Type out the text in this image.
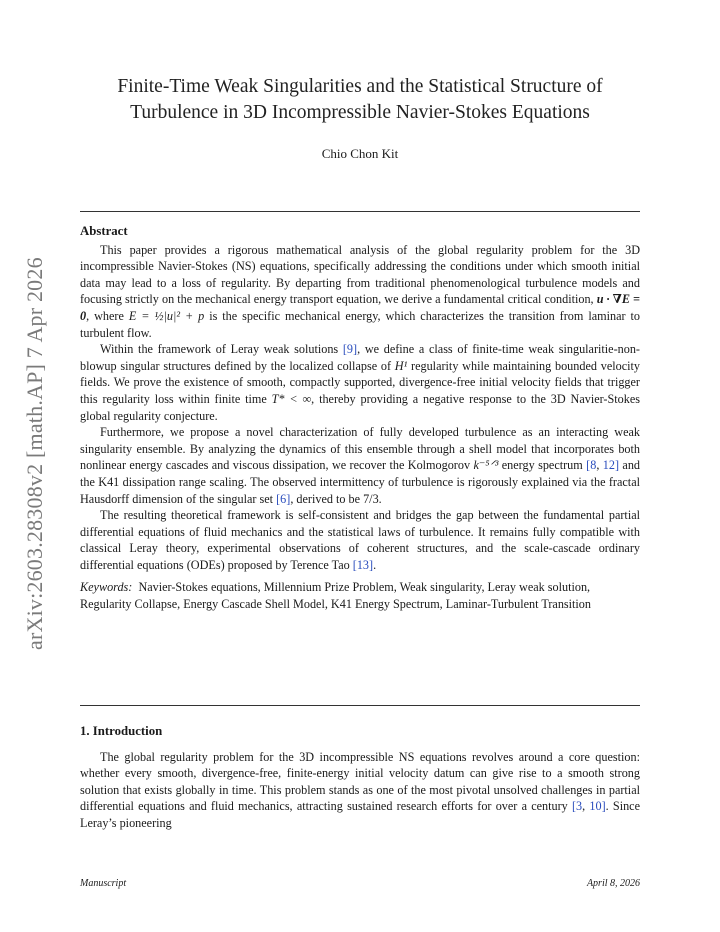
arXiv:2603.28308v2 [math.AP] 7 Apr 2026
Finite-Time Weak Singularities and the Statistical Structure of
Turbulence in 3D Incompressible Navier-Stokes Equations
Chio Chon Kit
Abstract

This paper provides a rigorous mathematical analysis of the global regularity problem for the 3D incompressible Navier-Stokes (NS) equations, specifically addressing the conditions under which smooth initial data may lead to a loss of regularity. By departing from traditional phenomenological turbulence models and focusing strictly on the mechanical energy transport equation, we derive a fundamental critical condition, u · ∇E = 0, where E = ½|u|² + p is the specific mechanical energy, which characterizes the transition from laminar to turbulent flow.

Within the framework of Leray weak solutions [9], we define a class of finite-time weak singularitie-non-blowup singular structures defined by the localized collapse of H¹ regularity while maintaining bounded velocity fields. We prove the existence of smooth, compactly supported, divergence-free initial velocity fields that trigger this regularity loss within finite time T* < ∞, thereby providing a negative response to the 3D Navier-Stokes global regularity conjecture.

Furthermore, we propose a novel characterization of fully developed turbulence as an interacting weak singularity ensemble. By analyzing the dynamics of this ensemble through a shell model that incorporates both nonlinear energy cascades and viscous dissipation, we recover the Kolmogorov k⁻⁵ᐟ³ energy spectrum [8, 12] and the K41 dissipation range scaling. The observed intermittency of turbulence is rigorously explained via the fractal Hausdorff dimension of the singular set [6], derived to be 7/3.

The resulting theoretical framework is self-consistent and bridges the gap between the fundamental partial differential equations of fluid mechanics and the statistical laws of turbulence. It remains fully compatible with classical Leray theory, experimental observations of coherent structures, and the scale-cascade ordinary differential equations (ODEs) proposed by Terence Tao [13].

Keywords: Navier-Stokes equations, Millennium Prize Problem, Weak singularity, Leray weak solution, Regularity Collapse, Energy Cascade Shell Model, K41 Energy Spectrum, Laminar-Turbulent Transition

1. Introduction

The global regularity problem for the 3D incompressible NS equations revolves around a core question: whether every smooth, divergence-free, finite-energy initial velocity datum can give rise to a smooth strong solution that exists globally in time. This problem stands as one of the most pivotal unsolved challenges in partial differential equations and fluid mechanics, attracting sustained research efforts for over a century [3, 10]. Since Leray’s pioneering

Manuscript	April 8, 2026
